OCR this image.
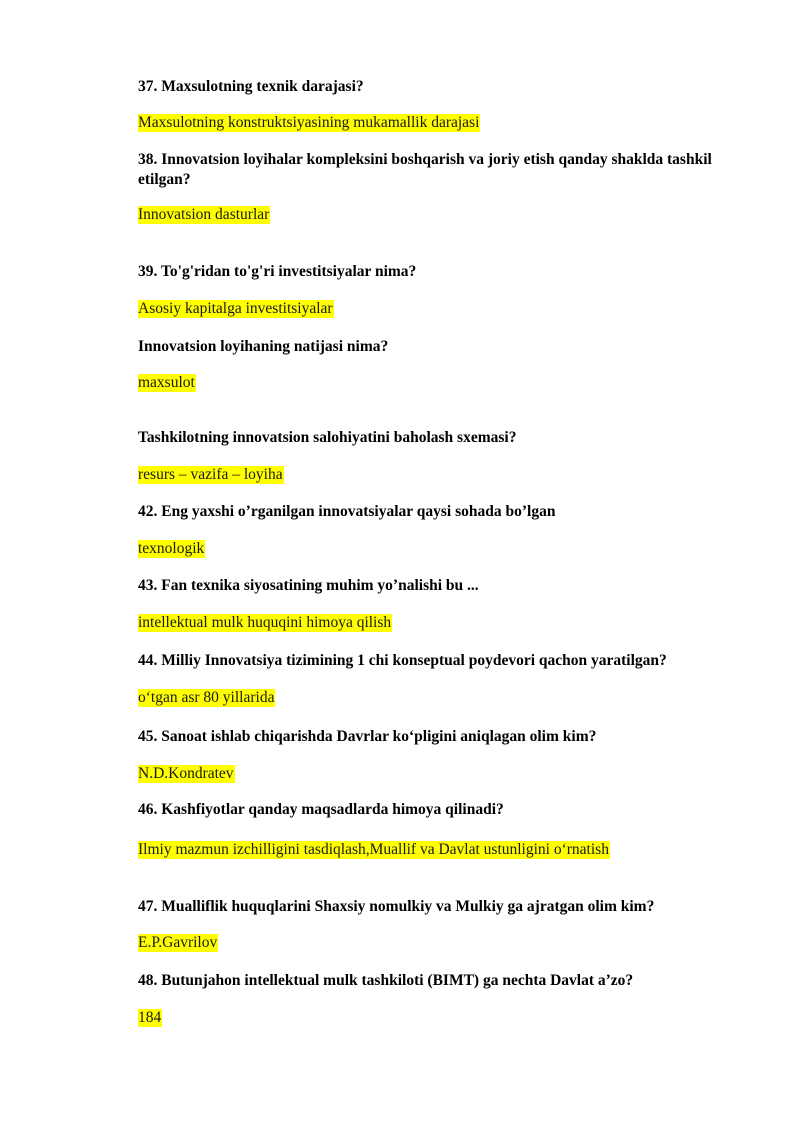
37. Maxsulotning texnik darajasi?
Maxsulotning konstruktsiyasining mukamallik darajasi
38. Innovatsion loyihalar kompleksini boshqarish va joriy etish qanday shaklda tashkil etilgan?
Innovatsion dasturlar
39. To'g'ridan to'g'ri investitsiyalar nima?
Asosiy kapitalga investitsiyalar
Innovatsion loyihaning natijasi nima?
maxsulot
Tashkilotning innovatsion salohiyatini baholash sxemasi?
resurs – vazifa – loyiha
42. Eng yaxshi o’rganilgan innovatsiyalar qaysi sohada bo’lgan
texnologik
43. Fan texnika siyosatining muhim yo’nalishi bu ...
intellektual mulk huquqini himoya qilish
44. Milliy Innovatsiya tizimining 1 chi konseptual poydevori qachon yaratilgan?
o‘tgan asr 80 yillarida
45. Sanoat ishlab chiqarishda Davrlar ko‘pligini aniqlagan olim kim?
N.D.Kondratev
46. Kashfiyotlar qanday maqsadlarda himoya qilinadi?
Ilmiy mazmun izchilligini tasdiqlash,Muallif va Davlat ustunligini o‘rnatish
47. Mualliflik huquqlarini Shaxsiy nomulkiy va Mulkiy ga ajratgan olim kim?
E.P.Gavrilov
48. Butunjahon intellektual mulk tashkiloti (BIMT) ga nechta Davlat a’zo?
184
